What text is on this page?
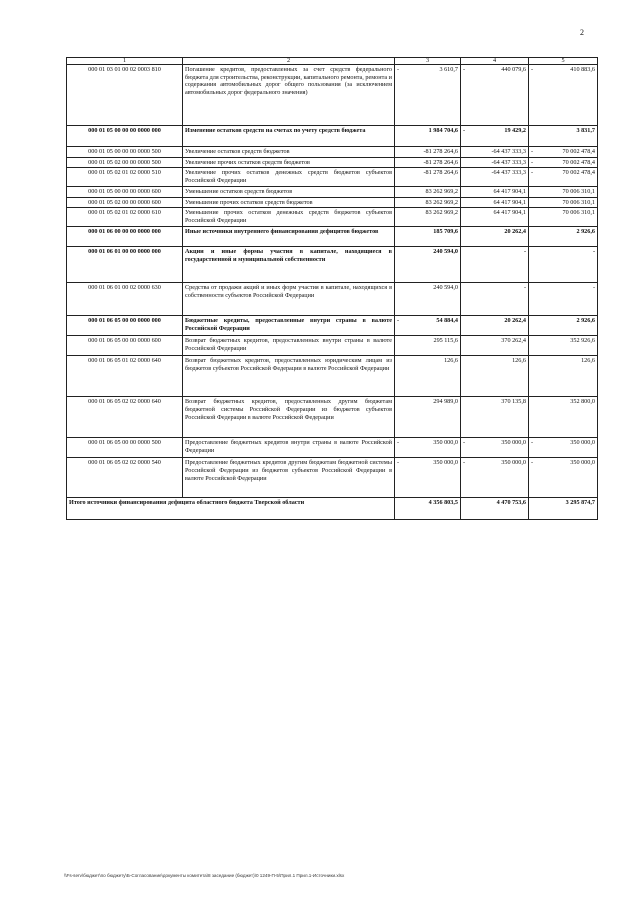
2
1	2	3	4	5
000 01 03 01 00 02 0003 810	Погашение кредитов, предоставленных за счет средств федерального бюджета для строительства, реконструкции, капитального ремонта, ремонта и содержания автомобильных дорог общего пользования (за исключением автомобильных дорог федерального значения)	- 3 610,7	- 440 079,6	- 410 883,6
000 01 05 00 00 00 0000 000	Изменение остатков средств на счетах по учету средств бюджета	1 984 704,6	- 19 429,2	3 831,7
000 01 05 00 00 00 0000 500	Увеличение остатков средств бюджетов	-81 278 264,6	-64 437 333,3	- 70 002 478,4
000 01 05 02 00 00 0000 500	Увеличение прочих остатков средств бюджетов	-81 278 264,6	-64 437 333,3	- 70 002 478,4
000 01 05 02 01 02 0000 510	Увеличение прочих остатков денежных средств бюджетов субъектов Российской Федерации	-81 278 264,6	-64 437 333,3	- 70 002 478,4
000 01 05 00 00 00 0000 600	Уменьшение остатков средств бюджетов	83 262 969,2	64 417 904,1	70 006 310,1
000 01 05 02 00 00 0000 600	Уменьшение прочих остатков средств бюджетов	83 262 969,2	64 417 904,1	70 006 310,1
000 01 05 02 01 02 0000 610	Уменьшение прочих остатков денежных средств бюджетов субъектов Российской Федерации	83 262 969,2	64 417 904,1	70 006 310,1
000 01 06 00 00 00 0000 000	Иные источники внутреннего финансирования дефицитов бюджетов	185 709,6	20 262,4	2 926,6
000 01 06 01 00 00 0000 000	Акции и иные формы участия в капитале, находящиеся в государственной и муниципальной собственности	240 594,0	-	-
000 01 06 01 00 02 0000 630	Средства от продажи акций и иных форм участия в капитале, находящихся в собственности субъектов Российской Федерации	240 594,0	-	-
000 01 06 05 00 00 0000 000	Бюджетные кредиты, предоставленные внутри страны в валюте Российской Федерации	- 54 884,4	20 262,4	2 926,6
000 01 06 05 00 00 0000 600	Возврат бюджетных кредитов, предоставленных внутри страны в валюте Российской Федерации	295 115,6	370 262,4	352 926,6
000 01 06 05 01 02 0000 640	Возврат бюджетных кредитов, предоставленных юридическим лицам из бюджетов субъектов Российской Федерации в валюте Российской Федерации	126,6	126,6	126,6
000 01 06 05 02 02 0000 640	Возврат бюджетных кредитов, предоставленных другим бюджетам бюджетной системы Российской Федерации из бюджетов субъектов Российской Федерации в валюте Российской Федерации	294 989,0	370 135,8	352 800,0
000 01 06 05 00 00 0000 500	Предоставление бюджетных кредитов внутри страны в валюте Российской Федерации	- 350 000,0	- 350 000,0	- 350 000,0
000 01 06 05 02 02 0000 540	Предоставление бюджетных кредитов другим бюджетам бюджетной системы Российской Федерации из бюджетов субъектов Российской Федерации в валюте Российской Федерации	- 350 000,0	- 350 000,0	- 350 000,0
Итого источники финансирования дефицита областного бюджета Тверской области		4 356 803,5	4 470 753,6	3 295 874,7
\\Fs-serv\бюджет\по бюджету\Б-Согласование\документы комитета\8 заседание (бюджет)\0 1249-П-5\Прил.1 Прил.1-Источники.xlsx
